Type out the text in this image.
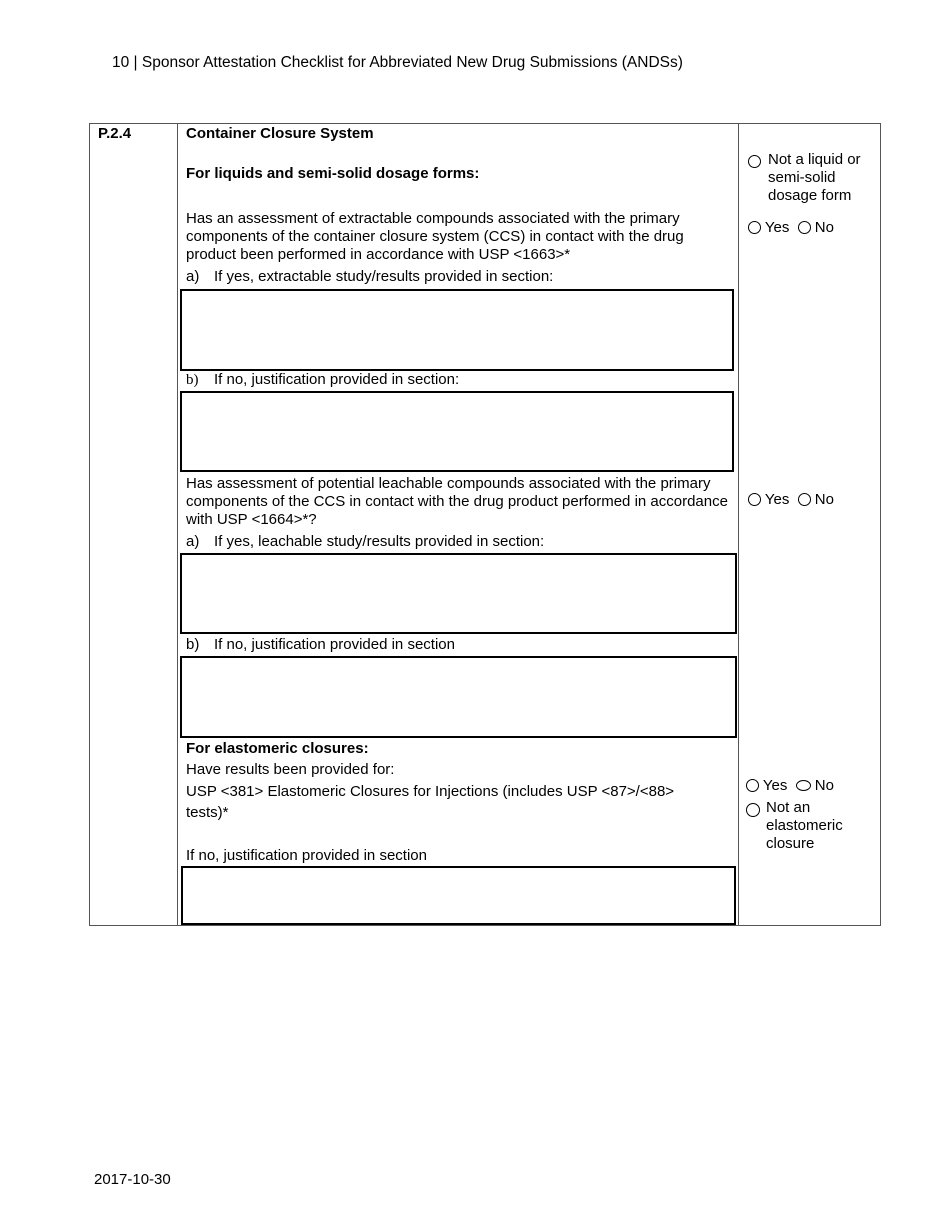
10 | Sponsor Attestation Checklist for Abbreviated New Drug Submissions (ANDSs)
P.2.4	Container Closure System
For liquids and semi-solid dosage forms:
Not a liquid or semi-solid dosage form
Has an assessment of extractable compounds associated with the primary components of the container closure system (CCS) in contact with the drug product been performed in accordance with USP <1663>*
Yes No
a) If yes, extractable study/results provided in section:
b) If no, justification provided in section:
Has assessment of potential leachable compounds associated with the primary components of the CCS in contact with the drug product performed in accordance with USP <1664>*?
Yes No
a) If yes, leachable study/results provided in section:
b) If no, justification provided in section
For elastomeric closures:
Have results been provided for:
USP <381> Elastomeric Closures for Injections (includes USP <87>/<88> tests)*
Yes No
Not an elastomeric closure
If no, justification provided in section
2017-10-30
